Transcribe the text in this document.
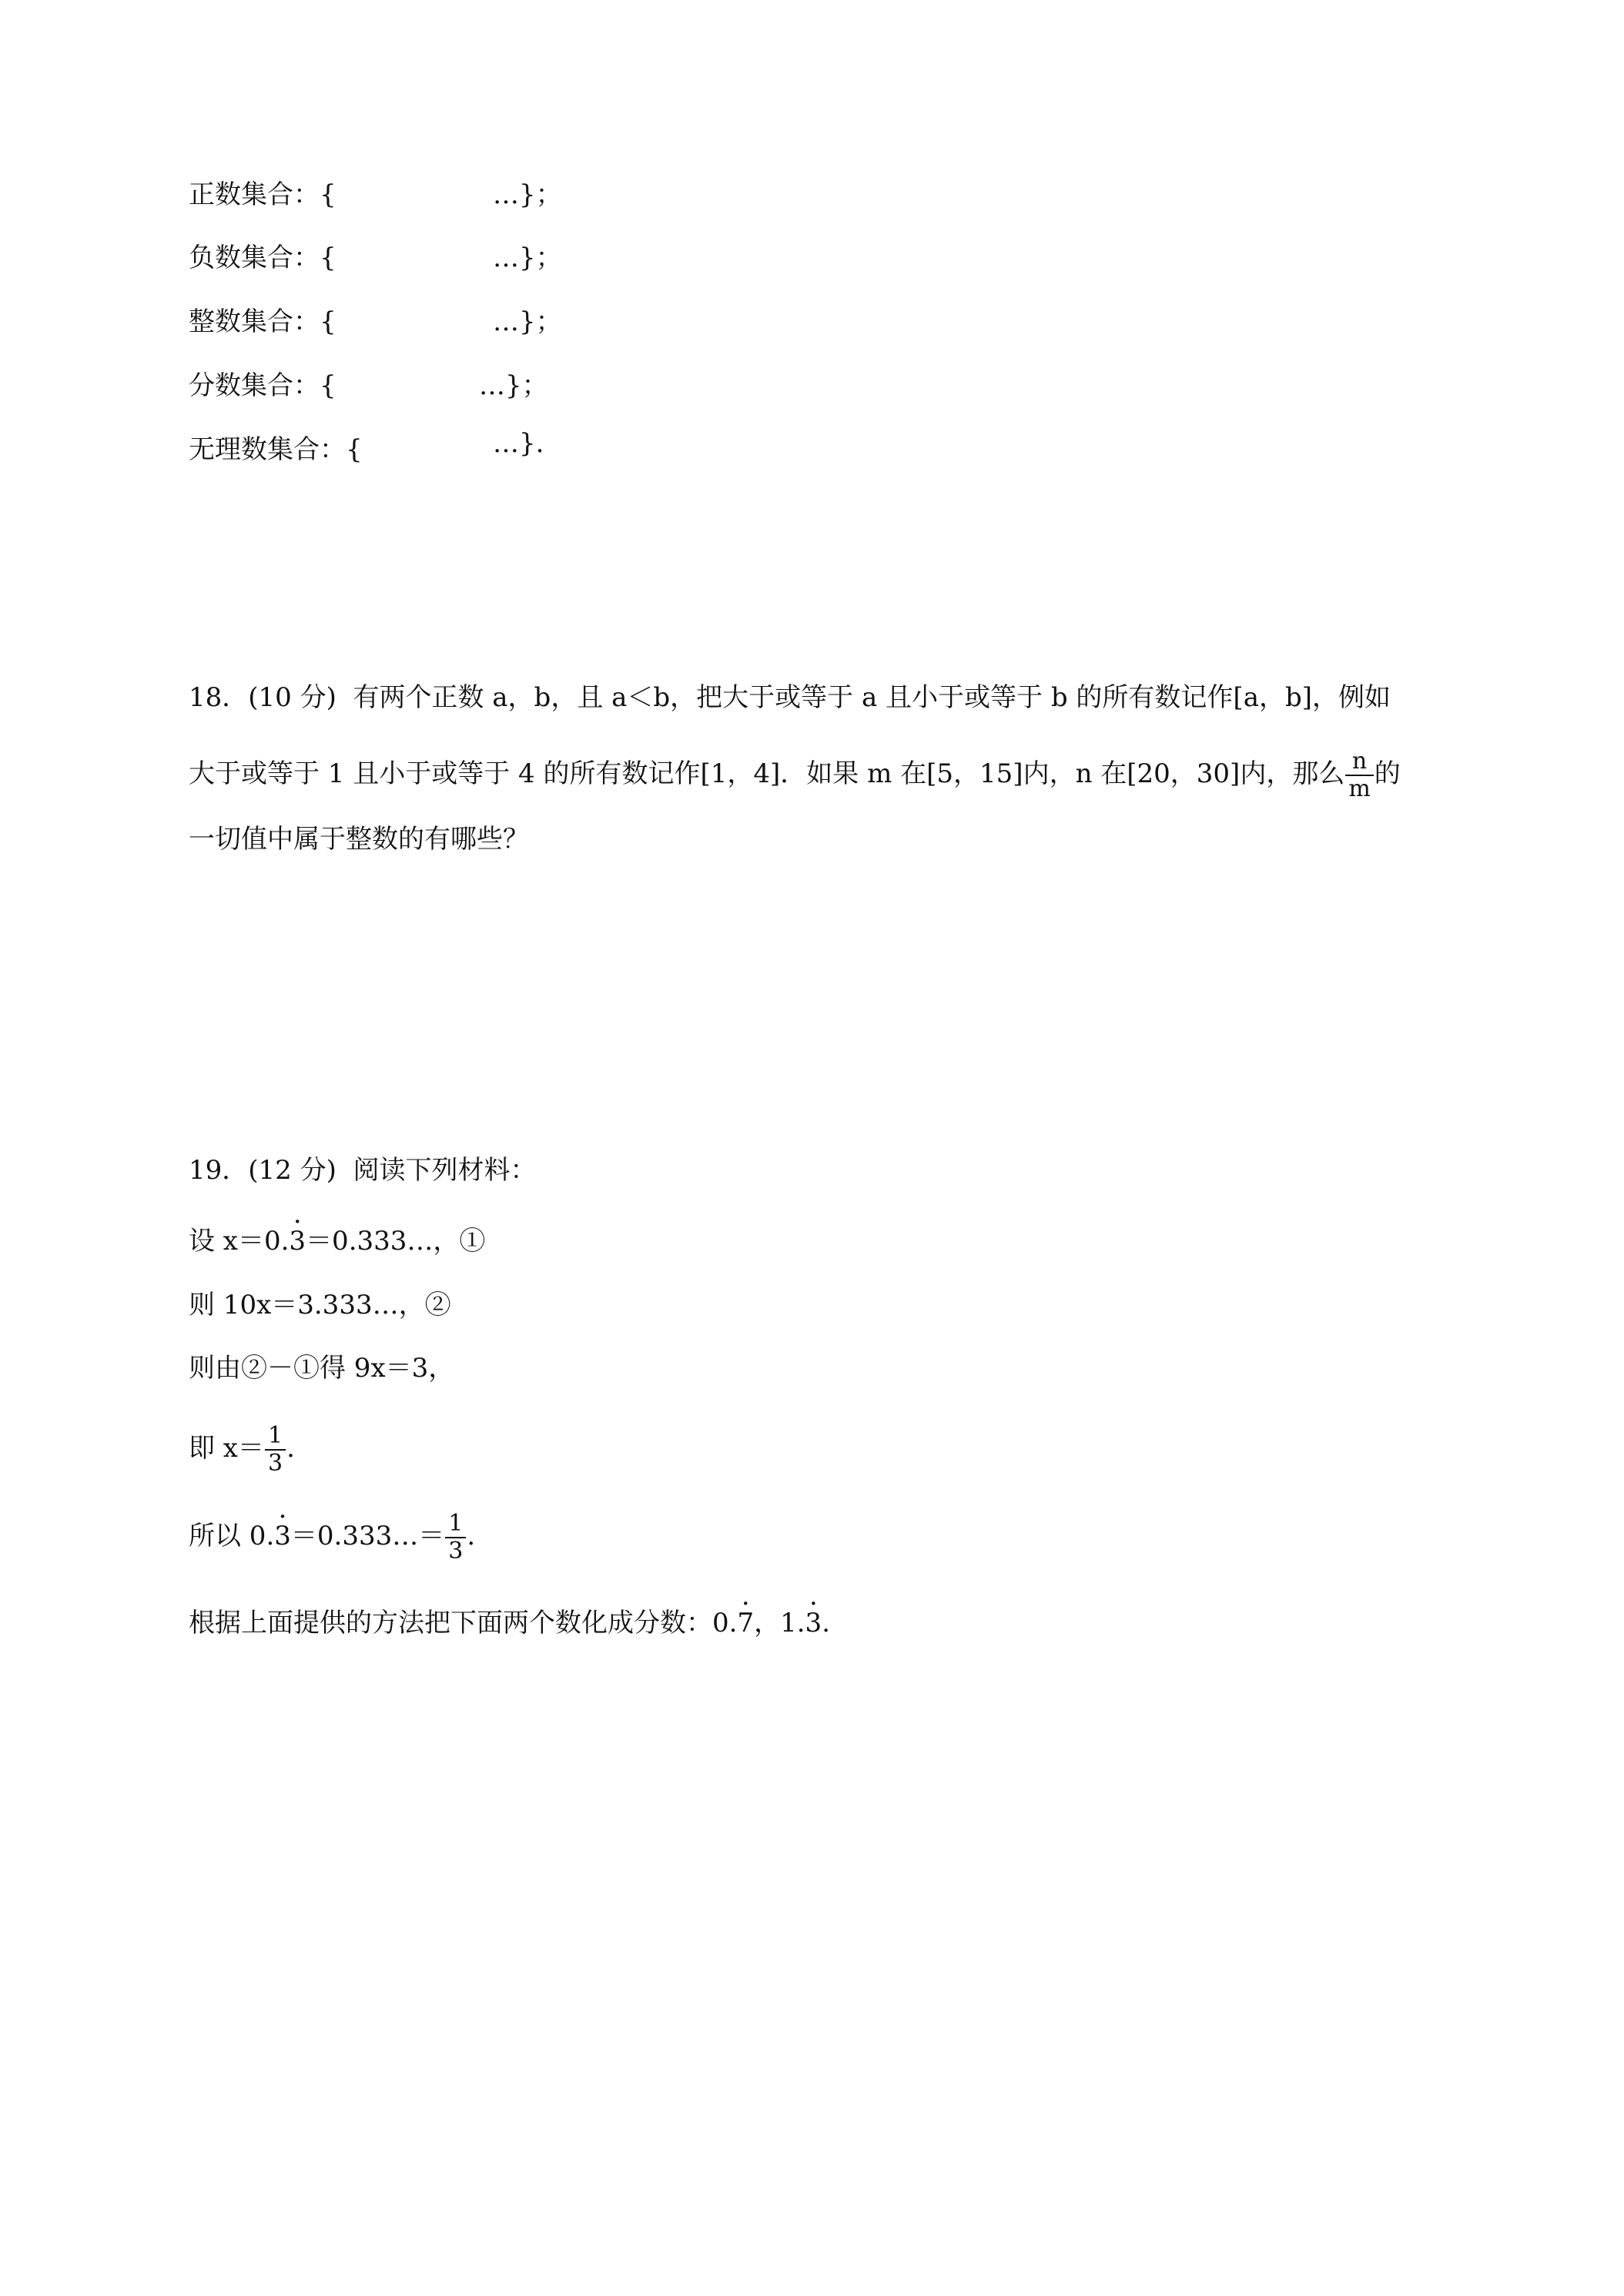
正数集合：{	…}；
负数集合：{	…}；
整数集合：{	…}；
分数集合：{	…}；
无理数集合：{	…}.

18．(10 分)  有两个正数 a，b，且 a＜b，把大于或等于 a 且小于或等于 b 的所有数记作[a，b]，例如

大于或等于 1 且小于或等于 4 的所有数记作[1，4]．如果 m 在[5，15]内，n 在[20，30]内，那么 $\frac{n}{m}$ 的

一切值中属于整数的有哪些？

19．(12 分)  阅读下列材料：

设 x＝0.3 ·＝0.333…，①

则 10x＝3.333…，②

则由②－①得 9x＝3，

即 $x= \frac{1}{3}$ .

所以 0.3 ·＝0.333…＝ $\frac{1}{3}$ .

根据上面提供的方法把下面两个数化成分数：0.7 ·，1.3 ·.
